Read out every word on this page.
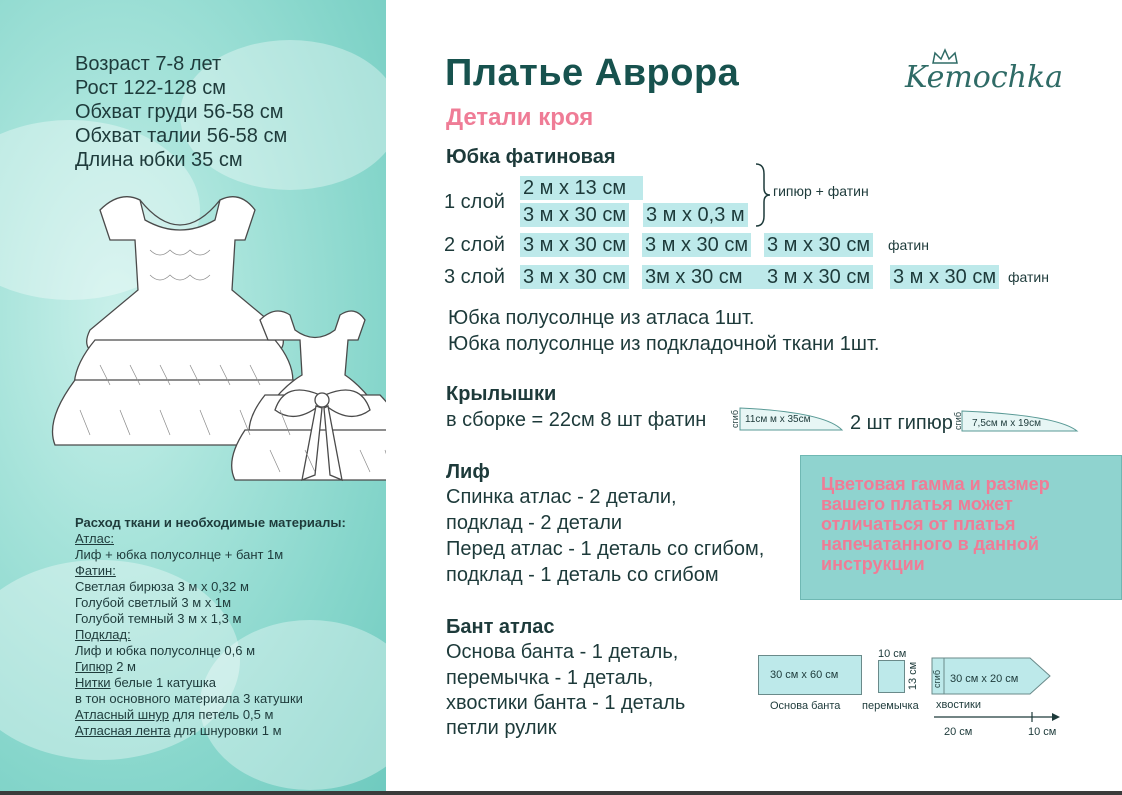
Возраст 7-8 лет
Рост 122-128 см
Обхват груди 56-58 см
Обхват талии 56-58 см
Длина юбки 35 см
Расход ткани и необходимые материалы:
Атлас:
Лиф + юбка полусолнце + бант 1м
Фатин:
Светлая бирюза 3 м х 0,32 м
Голубой светлый 3 м х 1м
Голубой темный 3 м х 1,3 м
Подклад:
Лиф и юбка полусолнце 0,6 м
Гипюр 2 м
Нитки белые 1 катушка
в тон основного материала 3 катушки
Атласный шнур для петель 0,5 м
Атласная лента для шнуровки 1 м
Платье Аврора	Kemochka
Детали кроя
Юбка фатиновая
1 слой
2 м х 13 см
3 м х 30 см 3 м х 0,3 м
гипюр + фатин
2 слой 3 м х 30 см 3 м х 30 см 3 м х 30 см фатин
3 слой 3 м х 30 см 3м х 30 см	3 м х 30 см 3 м х 30 см фатин
Юбка полусолнце из атласа 1шт.
Юбка полусолнце из подкладочной ткани 1шт.
Крылышки
в сборке = 22см 8 шт фатин	сгиб 11см м х 35см 2 шт гипюр сгиб 7,5см м х 19см
Лиф
Спинка атлас - 2 детали,
подклад - 2 детали
Перед атлас - 1 деталь со сгибом,
подклад - 1 деталь со сгибом
Цветовая гамма и размер вашего платья может отличаться от платья напечатанного в данной инструкции
Бант атлас
Основа банта - 1 деталь,
перемычка - 1 деталь,
хвостики банта - 1 деталь
петли рулик
30 см х 60 см
Основа банта
10 см
13 см
перемычка
сгиб 30 см х 20 см
хвостики
20 см	10 см
